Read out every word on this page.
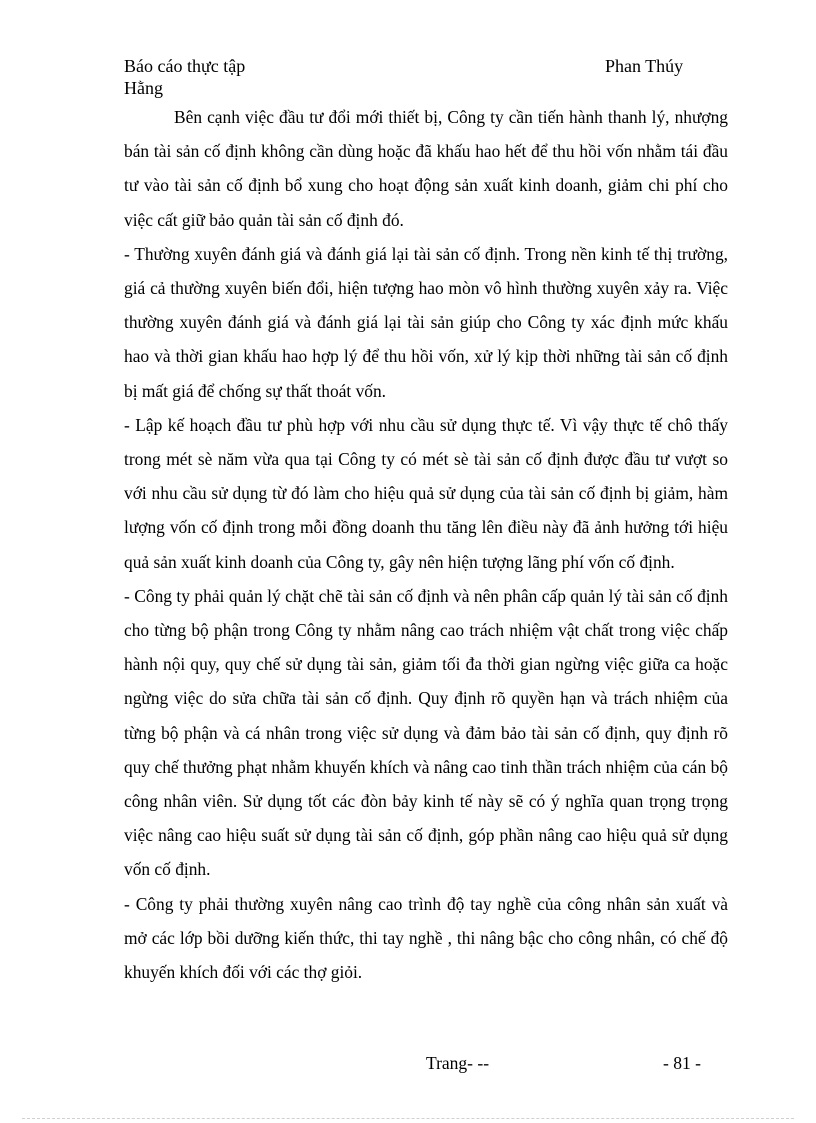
Báo cáo thực tập	Phan Thúy
Hằng

Bên cạnh việc đầu tư đổi mới thiết bị, Công ty cần tiến hành thanh lý, nhượng bán tài sản cố định không cần dùng hoặc đã khấu hao hết để thu hồi vốn nhằm tái đầu tư vào tài sản cố định bổ xung cho hoạt động sản xuất kinh doanh, giảm chi phí cho việc cất giữ bảo quản tài sản cố định đó.

- Thường xuyên đánh giá và đánh giá lại tài sản cố định. Trong nền kinh tế thị trường, giá cả thường xuyên biến đổi, hiện tượng hao mòn vô hình thường xuyên xảy ra. Việc thường xuyên đánh giá và đánh giá lại tài sản giúp cho Công ty xác định mức khấu hao và thời gian khấu hao hợp lý để thu hồi vốn, xử lý kịp thời những tài sản cố định bị mất giá để chống sự thất thoát vốn.

- Lập kế hoạch đầu tư phù hợp với nhu cầu sử dụng thực tế. Vì vậy thực tế chô thấy trong mét sè năm vừa qua tại Công ty có mét sè tài sản cố định được đầu tư vượt so với nhu cầu sử dụng từ đó làm cho hiệu quả sử dụng của tài sản cố định bị giảm, hàm lượng vốn cố định trong mỗi đồng doanh thu tăng lên điều này đã ảnh hưởng tới hiệu quả sản xuất kinh doanh của Công ty, gây nên hiện tượng lãng phí vốn cố định.

- Công ty phải quản lý chặt chẽ tài sản cố định và nên phân cấp quản lý tài sản cố định cho từng bộ phận trong Công ty nhằm nâng cao trách nhiệm vật chất trong việc chấp hành nội quy, quy chế sử dụng tài sản, giảm tối đa thời gian ngừng việc giữa ca hoặc ngừng việc do sửa chữa tài sản cố định. Quy định rõ quyền hạn và trách nhiệm của từng bộ phận và cá nhân trong việc sử dụng và đảm bảo tài sản cố định, quy định rõ quy chế thưởng phạt nhằm khuyến khích và nâng cao tinh thần trách nhiệm của cán bộ công nhân viên. Sử dụng tốt các đòn bảy kinh tế này sẽ có ý nghĩa quan trọng trọng việc nâng cao hiệu suất sử dụng tài sản cố định, góp phần nâng cao hiệu quả sử dụng vốn cố định.

- Công ty phải thường xuyên nâng cao trình độ tay nghề của công nhân sản xuất và mở các lớp bồi dưỡng kiến thức, thi tay nghề , thi nâng bậc cho công nhân, có chế độ khuyến khích đối với các thợ giỏi.

Trang- --	- 81 -
